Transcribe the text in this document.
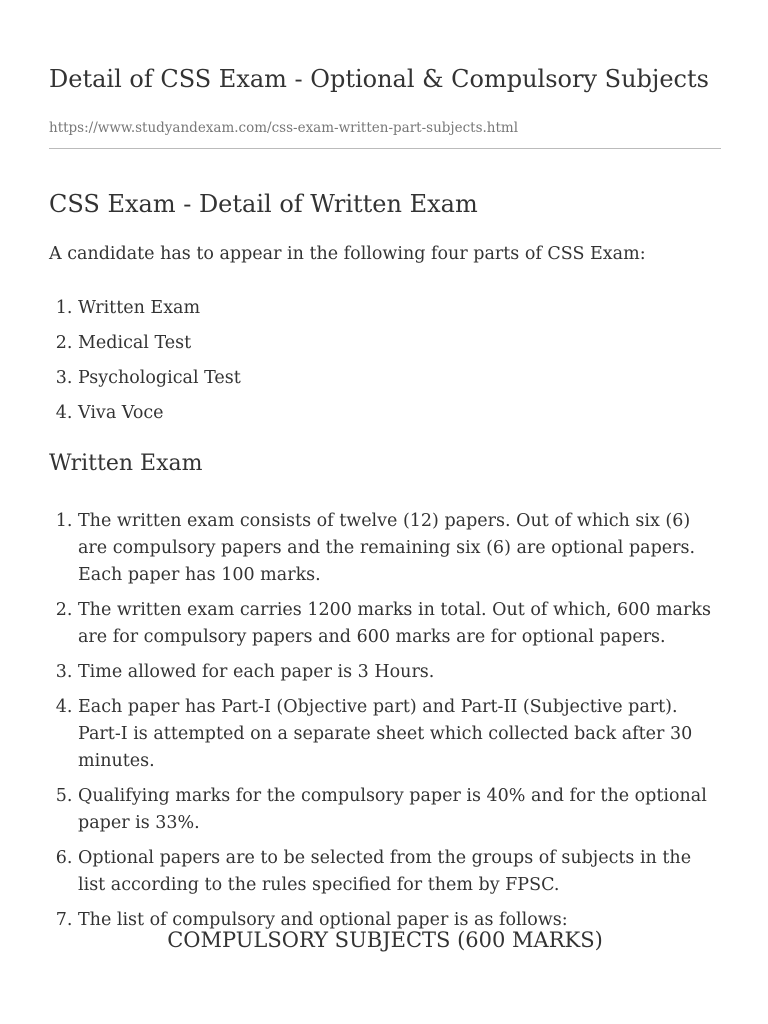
Detail of CSS Exam - Optional & Compulsory Subjects
https://www.studyandexam.com/css-exam-written-part-subjects.html
CSS Exam - Detail of Written Exam

A candidate has to appear in the following four parts of CSS Exam:

1. Written Exam
2. Medical Test
3. Psychological Test
4. Viva Voce
Written Exam
1. The written exam consists of twelve (12) papers. Out of which six (6) are compulsory papers and the remaining six (6) are optional papers. Each paper has 100 marks.
2. The written exam carries 1200 marks in total. Out of which, 600 marks are for compulsory papers and 600 marks are for optional papers.
3. Time allowed for each paper is 3 Hours.
4. Each paper has Part-I (Objective part) and Part-II (Subjective part). Part-I is attempted on a separate sheet which collected back after 30 minutes.
5. Qualifying marks for the compulsory paper is 40% and for the optional paper is 33%.
6. Optional papers are to be selected from the groups of subjects in the list according to the rules specified for them by FPSC.
7. The list of compulsory and optional paper is as follows:
COMPULSORY SUBJECTS (600 MARKS)
